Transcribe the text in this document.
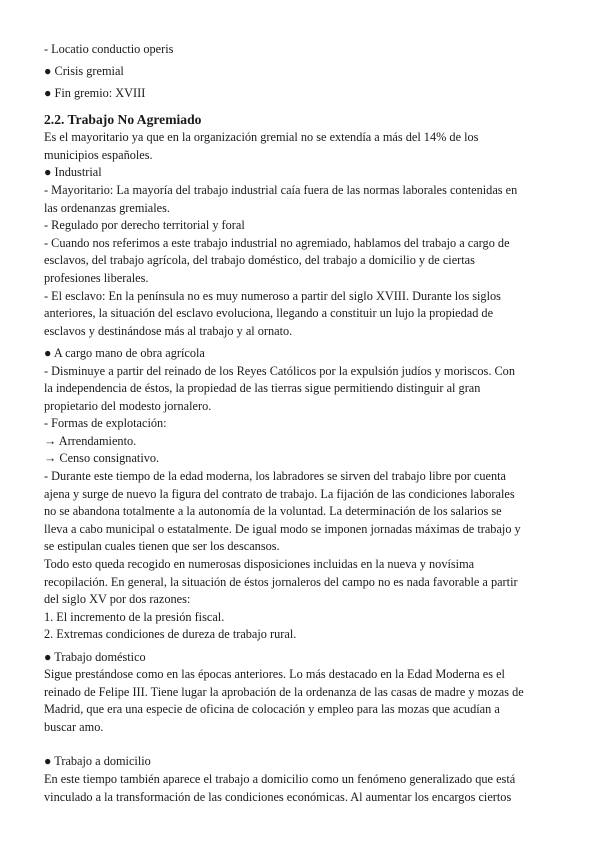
- Locatio conductio operis
● Crisis gremial
● Fin gremio: XVIII
2.2. Trabajo No Agremiado
Es el mayoritario ya que en la organización gremial no se extendía a más del 14% de los
municipios españoles.
● Industrial
- Mayoritario: La mayoría del trabajo industrial caía fuera de las normas laborales contenidas en
las ordenanzas gremiales.
- Regulado por derecho territorial y foral
- Cuando nos referimos a este trabajo industrial no agremiado, hablamos del trabajo a cargo de
esclavos, del trabajo agrícola, del trabajo doméstico, del trabajo a domicilio y de ciertas
profesiones liberales.
- El esclavo: En la península no es muy numeroso a partir del siglo XVIII. Durante los siglos
anteriores, la situación del esclavo evoluciona, llegando a constituir un lujo la propiedad de
esclavos y destinándose más al trabajo y al ornato.
● A cargo mano de obra agrícola
- Disminuye a partir del reinado de los Reyes Católicos por la expulsión judíos y moriscos. Con
la independencia de éstos, la propiedad de las tierras sigue permitiendo distinguir al gran
propietario del modesto jornalero.
- Formas de explotación:
→ Arrendamiento.
→ Censo consignativo.
- Durante este tiempo de la edad moderna, los labradores se sirven del trabajo libre por cuenta
ajena y surge de nuevo la figura del contrato de trabajo. La fijación de las condiciones laborales
no se abandona totalmente a la autonomía de la voluntad. La determinación de los salarios se
lleva a cabo municipal o estatalmente. De igual modo se imponen jornadas máximas de trabajo y
se estipulan cuales tienen que ser los descansos.
Todo esto queda recogido en numerosas disposiciones incluidas en la nueva y novísima
recopilación. En general, la situación de éstos jornaleros del campo no es nada favorable a partir
del siglo XV por dos razones:
1. El incremento de la presión fiscal.
2. Extremas condiciones de dureza de trabajo rural.
● Trabajo doméstico
Sigue prestándose como en las épocas anteriores. Lo más destacado en la Edad Moderna es el
reinado de Felipe III. Tiene lugar la aprobación de la ordenanza de las casas de madre y mozas de
Madrid, que era una especie de oficina de colocación y empleo para las mozas que acudían a
buscar amo.
● Trabajo a domicilio
En este tiempo también aparece el trabajo a domicilio como un fenómeno generalizado que está
vinculado a la transformación de las condiciones económicas. Al aumentar los encargos ciertos
